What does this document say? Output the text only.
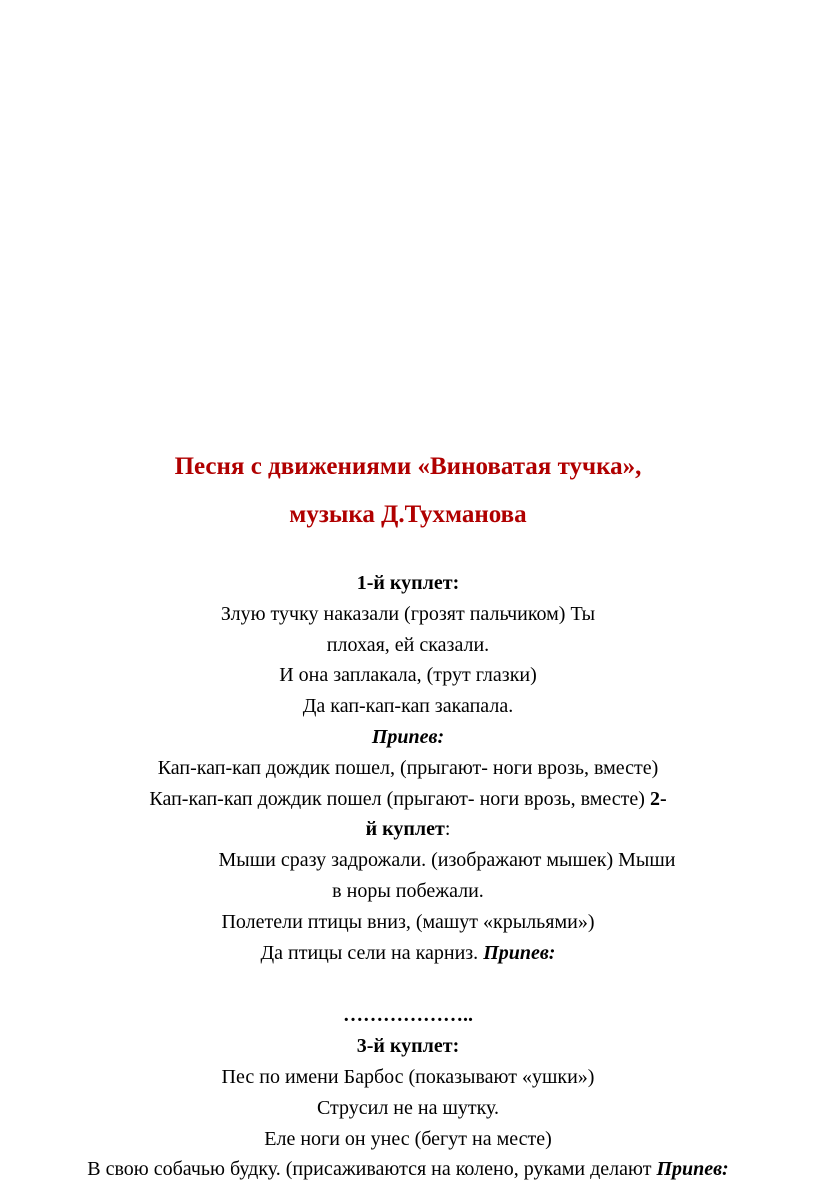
Песня с движениями «Виноватая тучка»,
музыка Д.Тухманова
1-й куплет:
Злую тучку наказали (грозят пальчиком) Ты
плохая, ей сказали.
И она заплакала, (трут глазки)
Да кап-кап-кап закапала.
Припев:
Кап-кап-кап дождик пошел, (прыгают- ноги врозь, вместе)
Кап-кап-кап дождик пошел (прыгают- ноги врозь, вместе) 2-
й куплет:
Мыши сразу задрожали. (изображают мышек) Мыши
в норы побежали.
Полетели птицы вниз, (машут «крыльями»)
Да птицы сели на карниз. Припев:
………………..
3-й куплет:
Пес по имени Барбос (показывают «ушки»)
Струсил не на шутку.
Еле ноги он унес (бегут на месте)
В свою собачью будку. (присаживаются на колено, руками делают Припев:
